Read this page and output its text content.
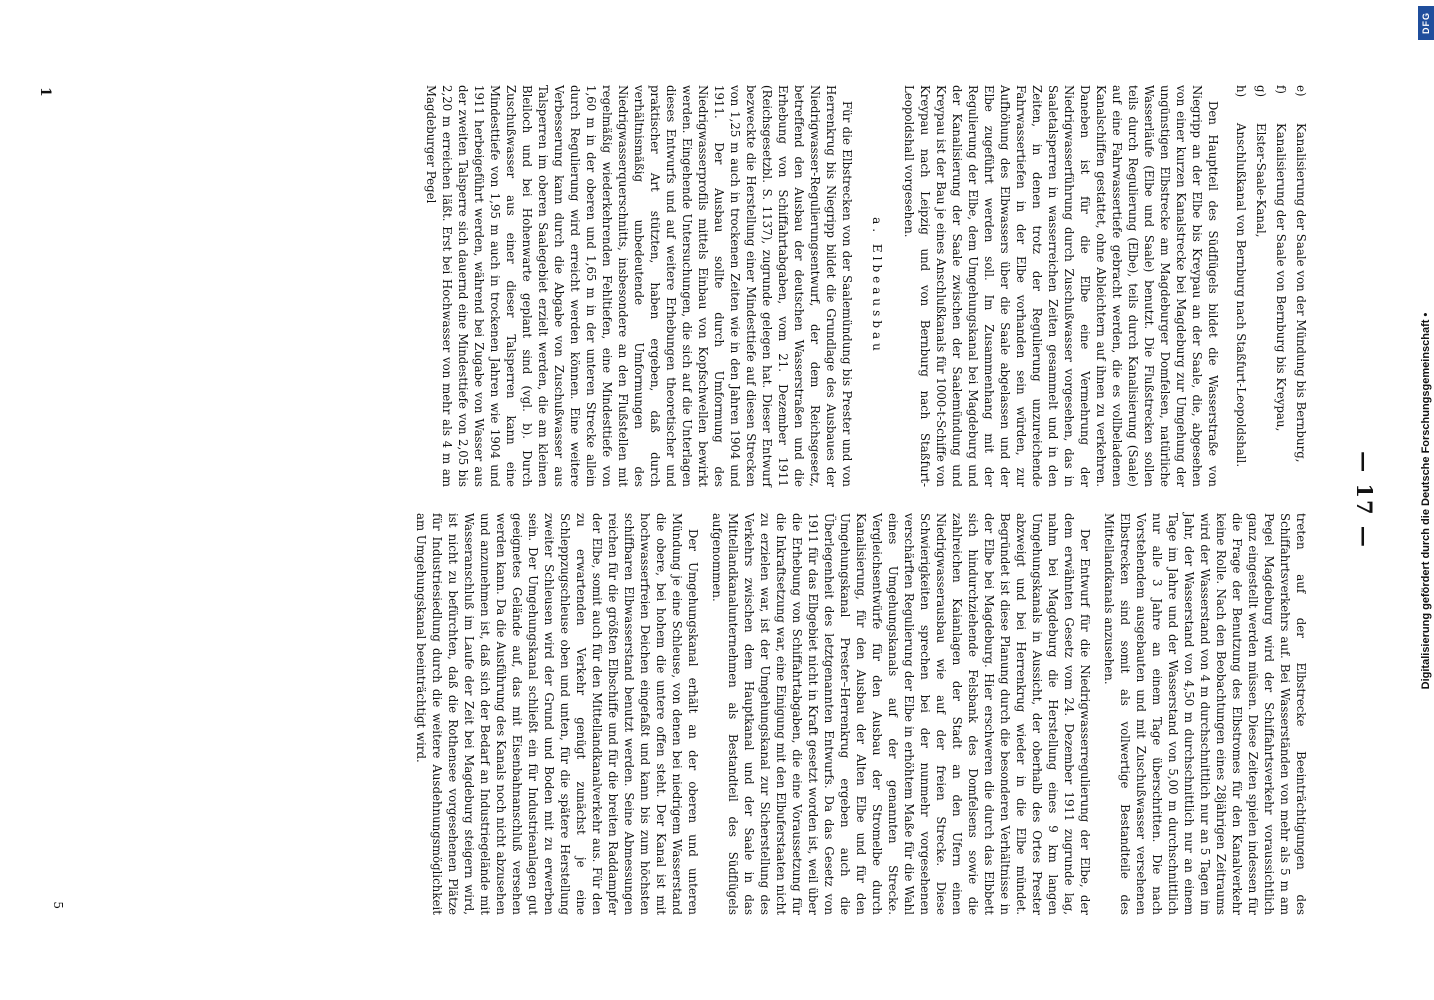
— 17 —
e)
Kanalisierung der Saale von der Mündung bis Bernburg,
f)
Kanalisierung der Saale von Bernburg bis Kreypau,
g)
Elster-Saale-Kanal,
h)
Anschlußkanal von Bernburg nach Staßfurt-Leopoldshall.

Den Hauptteil des Südflügels bildet die Wasserstraße von Niegripp an der Elbe bis Kreypau an der Saale, die, abgesehen von einer kurzen Kanalstrecke bei Magdeburg zur Umgehung der ungünstigen Elbstrecke am Magdeburger Domfelsen, natürliche Wasserläufe (Elbe und Saale) benutzt. Die Flußstrecken sollen teils durch Regulierung (Elbe), teils durch Kanalisierung (Saale) auf eine Fahrwassertiefe gebracht werden, die es vollbeladenen Kanalschiffen gestattet, ohne Ableichtern auf ihnen zu verkehren. Daneben ist für die Elbe eine Vermehrung der Niedrigwasserführung durch Zuschußwasser vorgesehen, das in Saaletalsperren in wasserreichen Zeiten gesammelt und in den Zeiten, in denen trotz der Regulierung unzureichende Fahrwassertiefen in der Elbe vorhanden sein würden, zur Aufhöhung des Elbwassers über die Saale abgelassen und der Elbe zugeführt werden soll. Im Zusammenhang mit der Regulierung der Elbe, dem Umgehungskanal bei Magdeburg und der Kanalisierung der Saale zwischen der Saalemündung und Kreypau ist der Bau je eines Anschlußkanals für 1000-t-Schiffe von Kreypau nach Leipzig und von Bernburg nach Staßfurt-Leopoldshall vorgesehen.

a. Elbeausbau

Für die Elbstrecken von der Saalemündung bis Prester und von Herrenkrug bis Niegripp bildet die Grundlage des Ausbaues der Niedrigwasser-Regulierungsentwurf, der dem Reichsgesetz, betreffend den Ausbau der deutschen Wasserstraßen und die Erhebung von Schiffahrtabgaben, vom 21. Dezember 1911 (Reichsgesetzbl. S. 1137), zugrunde gelegen hat. Dieser Entwurf bezweckte die Herstellung einer Mindesttiefe auf diesen Strecken von 1,25 m auch in trockenen Zeiten wie in den Jahren 1904 und 1911. Der Ausbau sollte durch Umformung des Niedrigwasserprofils mittels Einbau von Kopfschwellen bewirkt werden. Eingehende Untersuchungen, die sich auf die Unterlagen dieses Entwurfs und auf weitere Erhebungen theoretischer und praktischer Art stützten, haben ergeben, daß durch verhältnismäßig unbedeutende Umformungen des Niedrigwasserquerschnitts, insbesondere an den Flußstellen mit regelmäßig wiederkehrenden Fehltiefen, eine Mindesttiefe von 1,60 m in der oberen und 1,65 m in der unteren Strecke allein durch Regulierung wird erreicht werden können. Eine weitere Verbesserung kann durch die Abgabe von Zuschußwasser aus Talsperren im oberen Saalegebiet erzielt werden, die am kleinen Bleiloch und bei Hohenwarte geplant sind (vgl. b). Durch Zuschußwasser aus einer dieser Talsperren kann eine Mindesttiefe von 1,95 m auch in trockenen Jahren wie 1904 und 1911 herbeigeführt werden, während bei Zugabe von Wasser aus der zweiten Talsperre sich dauernd eine Mindesttiefe von 2,05 bis 2,20 m erreichen läßt. Erst bei Hochwasser von mehr als 4 m am Magdeburger Pegel

treten auf der Elbstrecke Beeinträchtigungen des Schiffahrtsverkehrs auf. Bei Wasserständen von mehr als 5 m am Pegel Magdeburg wird der Schiffahrtsverkehr voraussichtlich ganz eingestellt werden müssen. Diese Zeiten spielen indessen für die Frage der Benutzung des Elbstromes für den Kanalverkehr keine Rolle. Nach den Beobachtungen eines 28jährigen Zeitraums wird der Wasserstand von 4 m durchschnittlich nur an 5 Tagen im Jahr, der Wasserstand von 4,50 m durchschnittlich nur an einem Tage im Jahre und der Wasserstand von 5,00 m durchschnittlich nur alle 3 Jahre an einem Tage überschritten. Die nach Vorstehendem ausgebauten und mit Zuschußwasser versehenen Elbstrecken sind somit als vollwertige Bestandteile des Mittellandkanals anzusehen.

Der Entwurf für die Niedrigwasserregulierung der Elbe, der dem erwähnten Gesetz vom 24. Dezember 1911 zugrunde lag, nahm bei Magdeburg die Herstellung eines 9 km langen Umgehungskanals in Aussicht, der oberhalb des Ortes Prester abzweigt und bei Herrenkrug wieder in die Elbe mündet. Begründet ist diese Planung durch die besonderen Verhältnisse in der Elbe bei Magdeburg. Hier erschweren die durch das Elbbett sich hindurchziehende Felsbank des Domfelsens sowie die zahlreichen Kaianlagen der Stadt an den Ufern einen Niedrigwasserausbau wie auf der freien Strecke. Diese Schwierigkeiten sprechen bei der nunmehr vorgesehenen verschärften Regulierung der Elbe in erhöhtem Maße für die Wahl eines Umgehungskanals auf der genannten Strecke. Vergleichsentwürfe für den Ausbau der Stromelbe durch Kanalisierung, für den Ausbau der Alten Elbe und für den Umgehungskanal Prester–Herrenkrug ergeben auch die Überlegenheit des letztgenannten Entwurfs. Da das Gesetz von 1911 für das Elbgebiet nicht in Kraft gesetzt worden ist, weil über die Erhebung von Schiffahrtabgaben, die eine Voraussetzung für die Inkraftsetzung war, eine Einigung mit den Elbuferstaaten nicht zu erzielen war, ist der Umgehungskanal zur Sicherstellung des Verkehrs zwischen dem Hauptkanal und der Saale in das Mittellandkanalunternehmen als Bestandteil des Südflügels aufgenommen.

Der Umgehungskanal erhält an der oberen und unteren Mündung je eine Schleuse, von denen bei niedrigem Wasserstand die obere, bei hohem die untere offen steht. Der Kanal ist mit hochwasserfreien Deichen eingefaßt und kann bis zum höchsten schiffbaren Elbwasserstand benutzt werden. Seine Abmessungen reichen für die größten Elbschiffe und für die breiten Raddampfer der Elbe, somit auch für den Mittellandkanalverkehr aus. Für den zu erwartenden Verkehr genügt zunächst je eine Schleppzugschleuse oben und unten, für die spätere Herstellung zweiter Schleusen wird der Grund und Boden mit zu erwerben sein. Der Umgehungskanal schließt ein für Industrieanlagen gut geeignetes Gelände auf, das mit Eisenbahnanschluß versehen werden kann. Da die Ausführung des Kanals noch nicht abzusehen und anzunehmen ist, daß sich der Bedarf an Industriegelände mit Wasseranschluß im Laufe der Zeit bei Magdeburg steigern wird, ist nicht zu befürchten, daß die Rothensee vorgesehenen Plätze für Industriesiedlung durch die weitere Ausdehnungsmöglichkeit am Umgehungskanal beeinträchtigt wird.

1
5
DFG
Digitalisierung gefördert durch die Deutsche Forschungsgemeinschaft •
